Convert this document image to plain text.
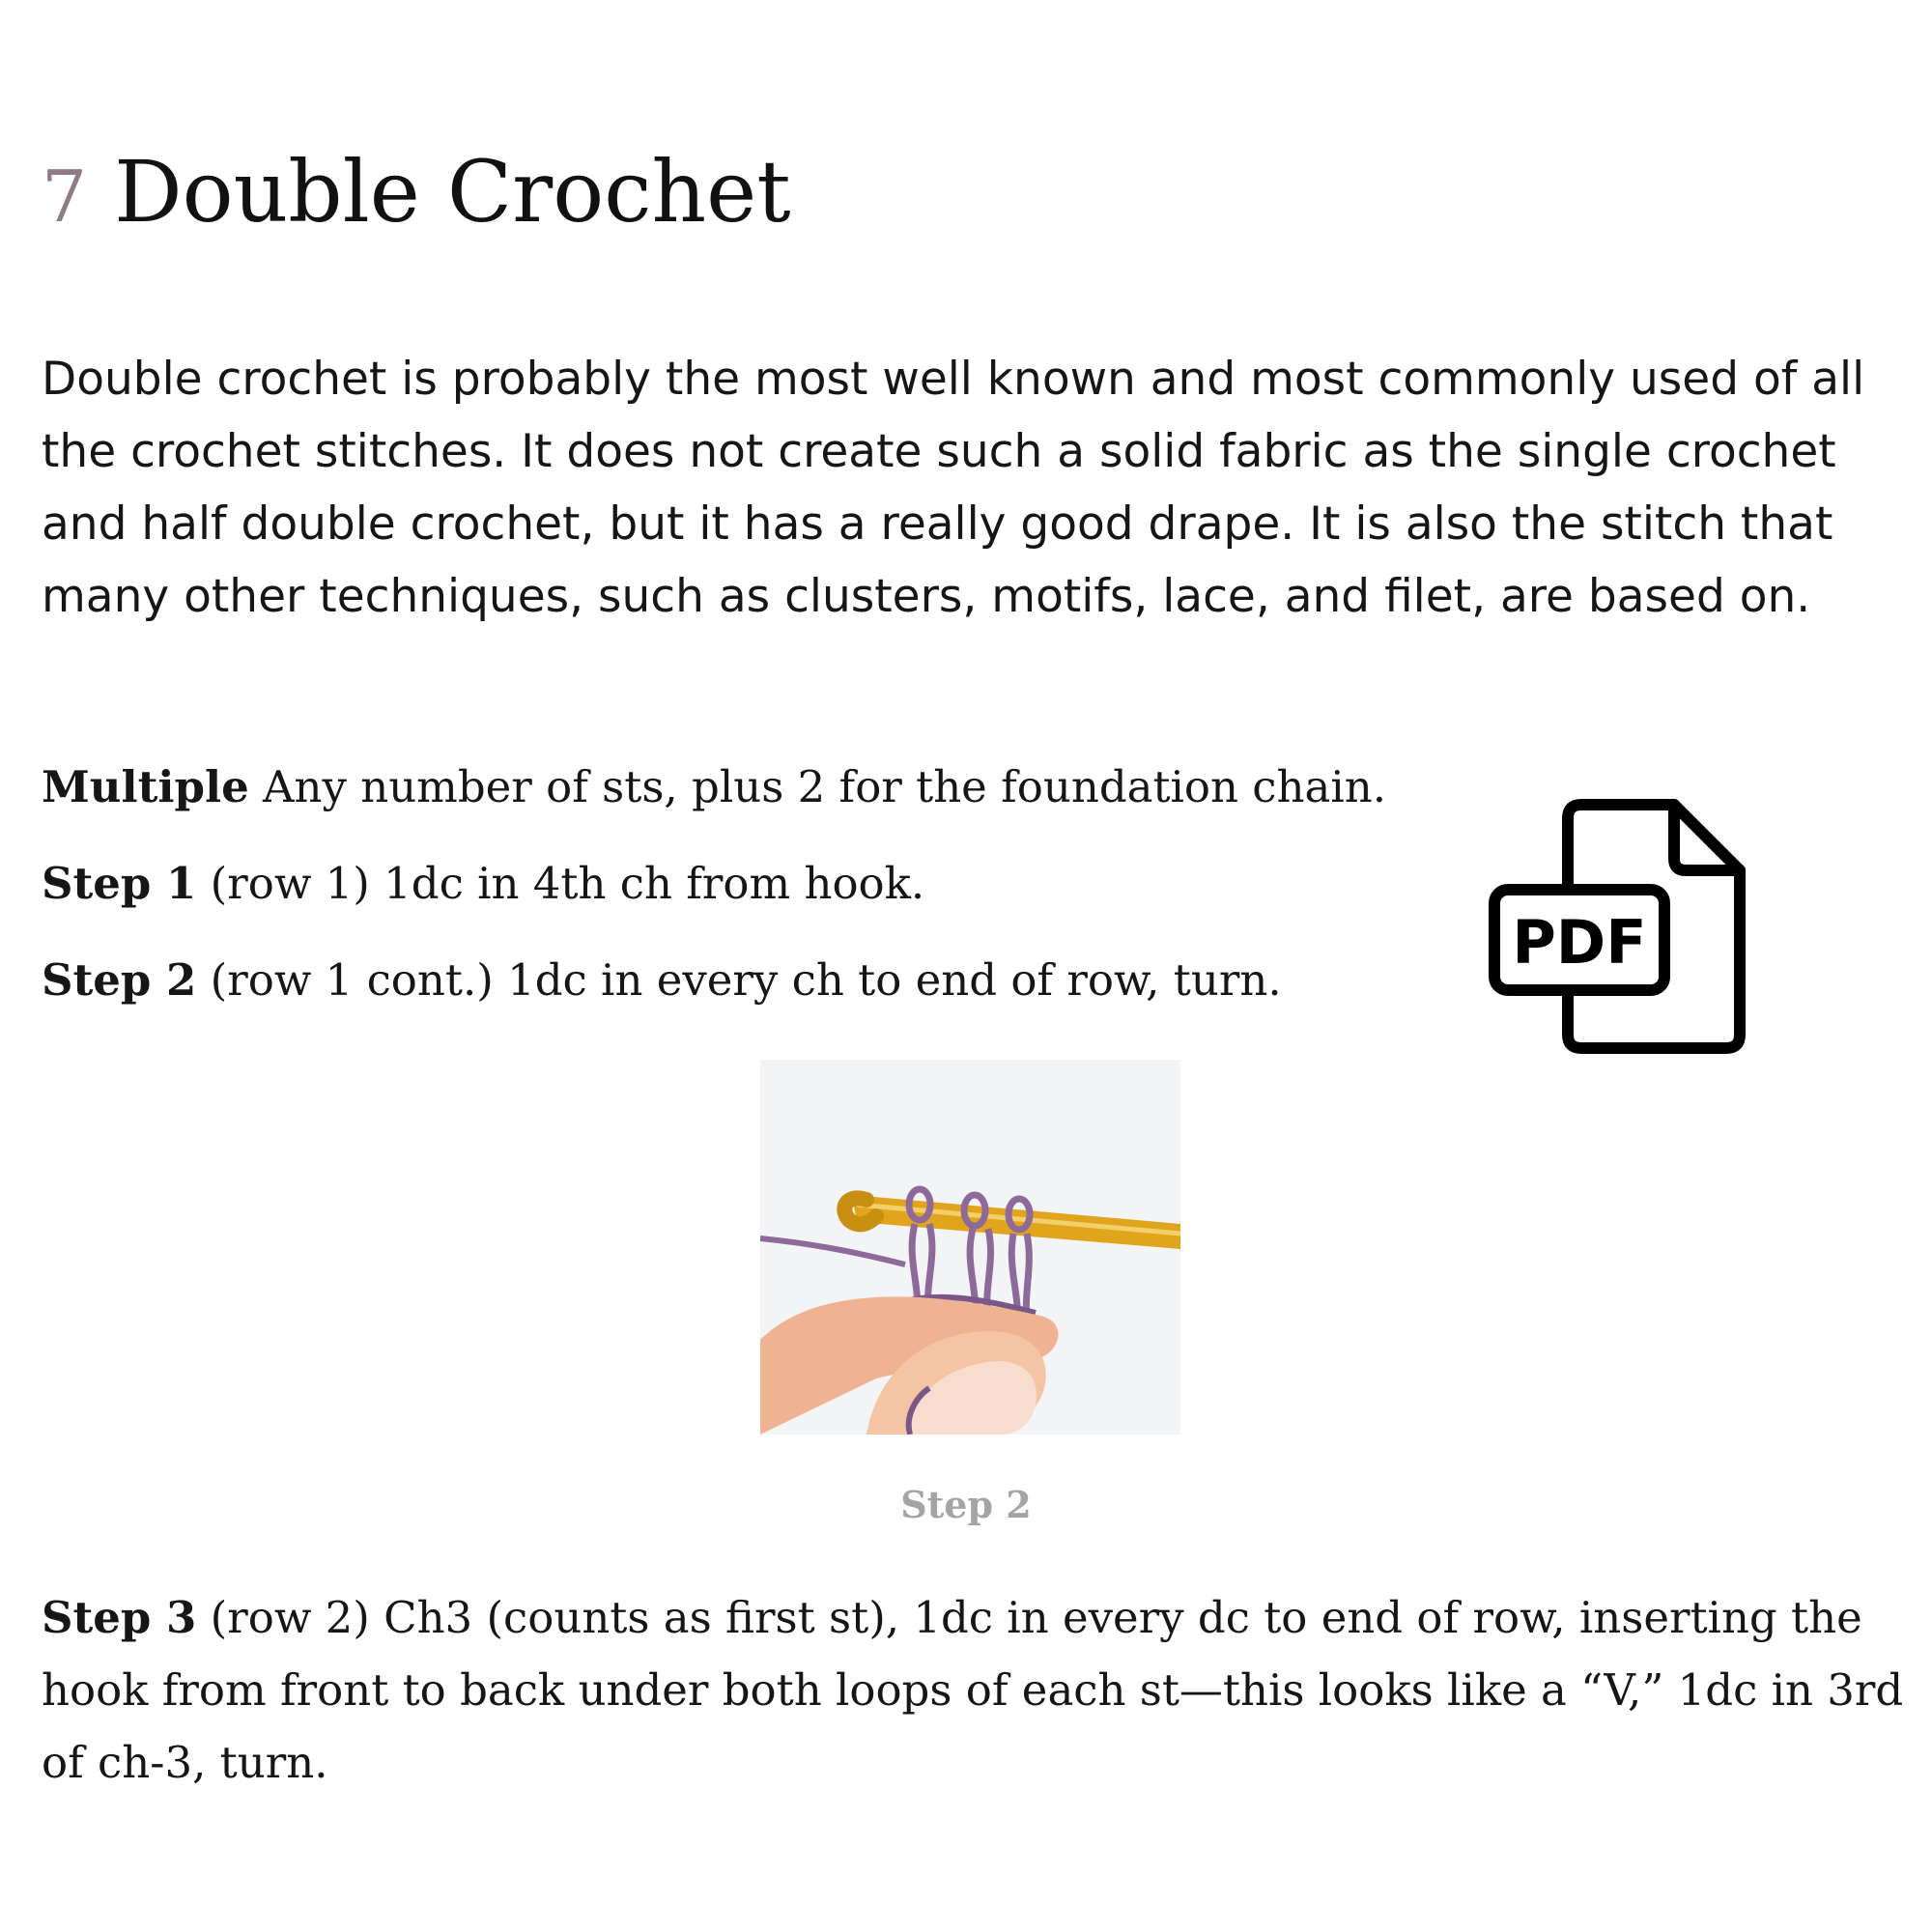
7 Double Crochet

Double crochet is probably the most well known and most commonly used of all the crochet stitches. It does not create such a solid fabric as the single crochet and half double crochet, but it has a really good drape. It is also the stitch that many other techniques, such as clusters, motifs, lace, and filet, are based on.

Multiple Any number of sts, plus 2 for the foundation chain.

Step 1 (row 1) 1dc in 4th ch from hook.

Step 2 (row 1 cont.) 1dc in every ch to end of row, turn.

PDF

Step 2

Step 3 (row 2) Ch3 (counts as first st), 1dc in every dc to end of row, inserting the hook from front to back under both loops of each st—this looks like a “V,” 1dc in 3rd of ch-3, turn.
